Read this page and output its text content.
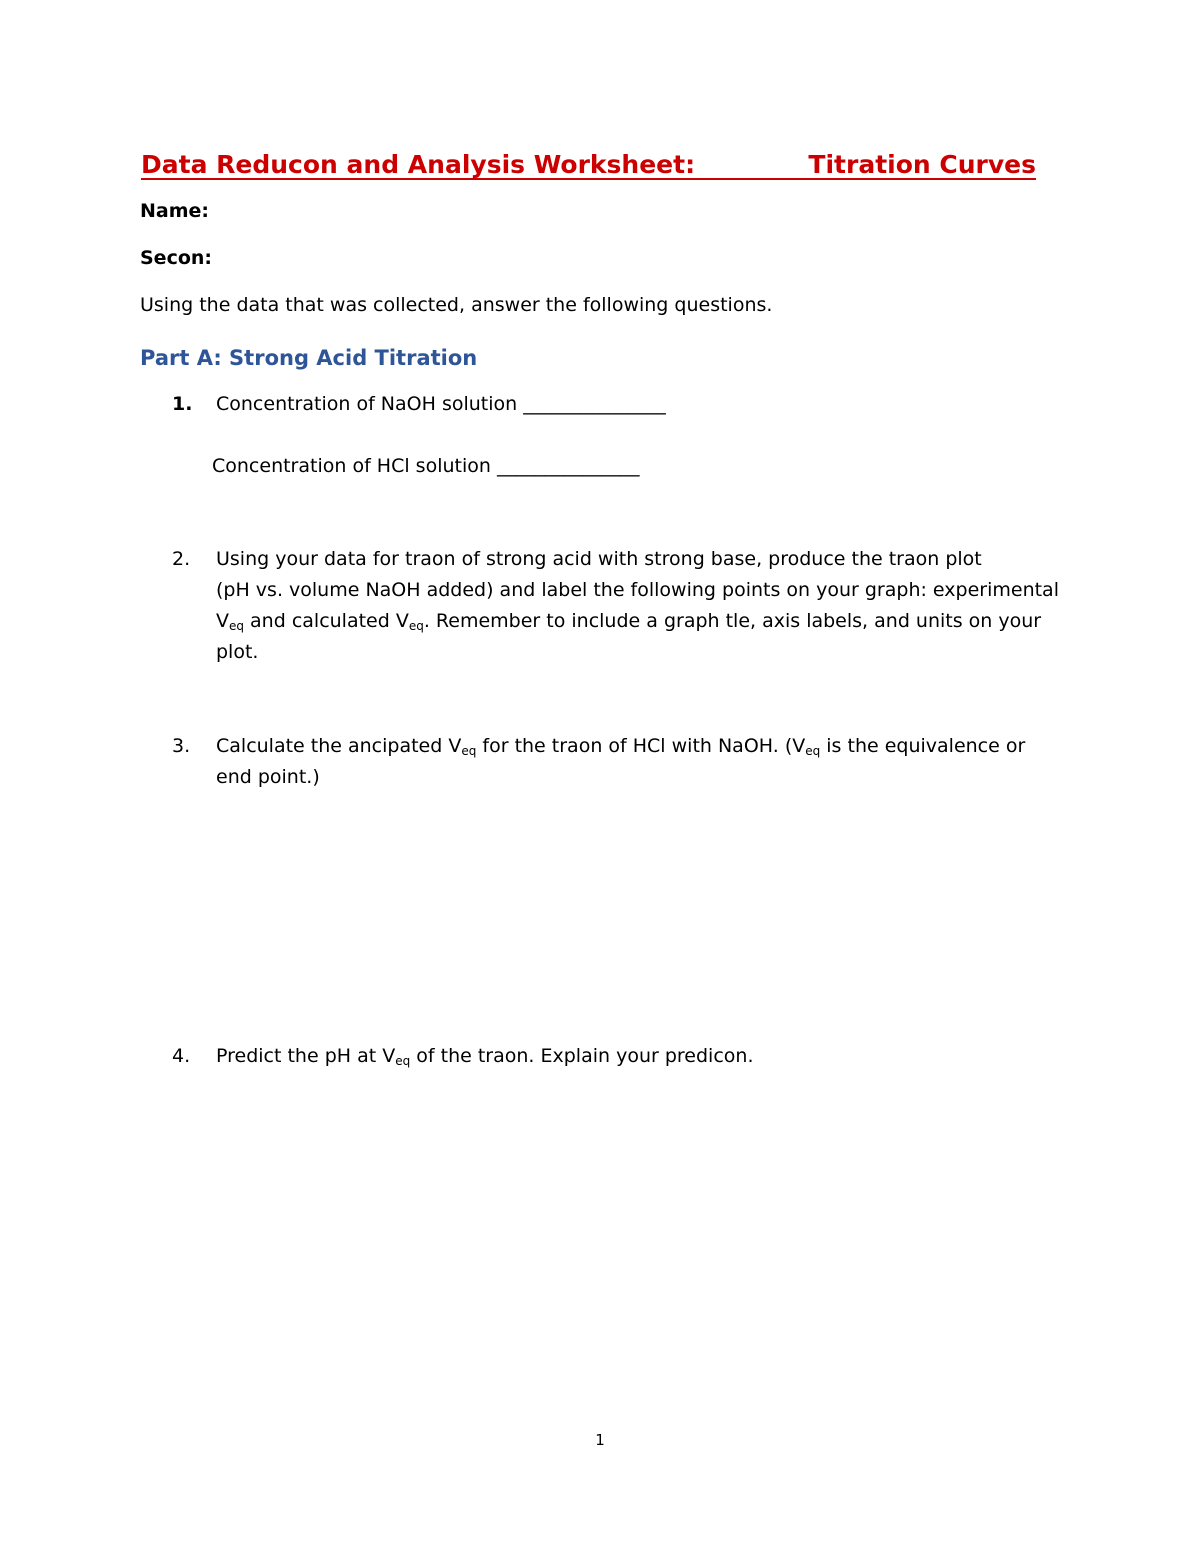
Data Reducon and Analysis Worksheet:	Titration Curves
Name:
Secon:
Using the data that was collected, answer the following questions.
Part A: Strong Acid Titration
1. Concentration of NaOH solution _______________
Concentration of HCl solution _______________
2. Using your data for traon of strong acid with strong base, produce the traon plot
(pH vs. volume NaOH added) and label the following points on your graph: experimental
$V_{eq}$ and calculated $V_{eq}$. Remember to include a graph tle, axis labels, and units on your
plot.
3. Calculate the ancipated $V_{eq}$ for the traon of HCl with NaOH. ($V_{eq}$ is the equivalence or
end point.)
4. Predict the pH at $V_{eq}$ of the traon. Explain your predicon.
1
